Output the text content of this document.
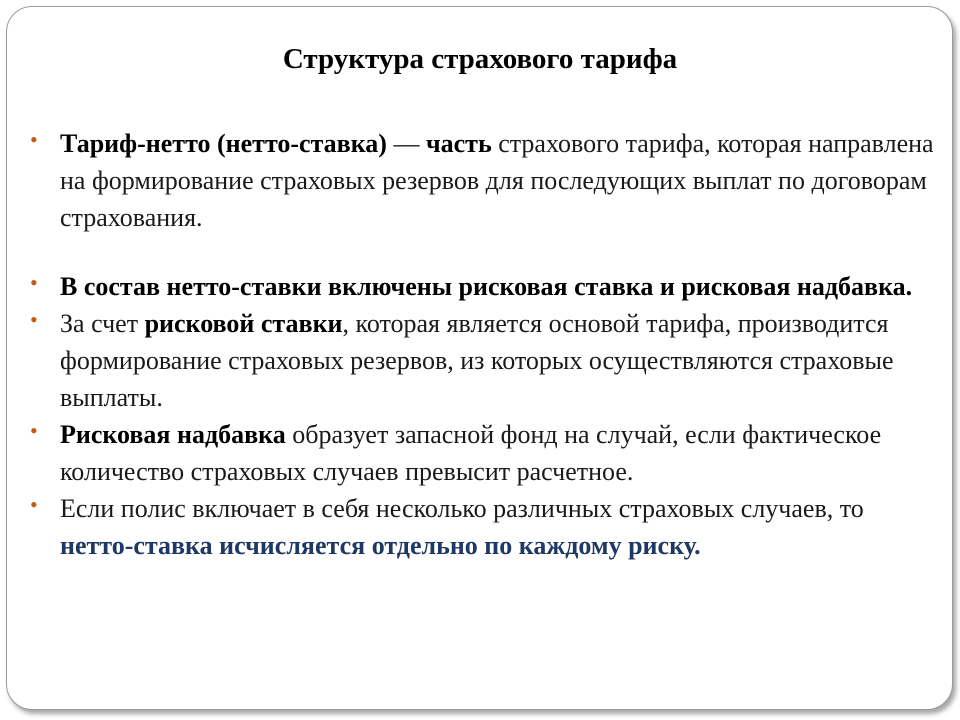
Структура страхового тарифа

• Тариф-нетто (нетто-ставка) — часть страхового тарифа, которая направлена на формирование страховых резервов для последующих выплат по договорам страхования.

• В состав нетто-ставки включены рисковая ставка и рисковая надбавка.

• За счет рисковой ставки, которая является основой тарифа, производится формирование страховых резервов, из которых осуществляются страховые выплаты.

• Рисковая надбавка образует запасной фонд на случай, если фактическое количество страховых случаев превысит расчетное.

• Если полис включает в себя несколько различных страховых случаев, то нетто-ставка исчисляется отдельно по каждому риску.
